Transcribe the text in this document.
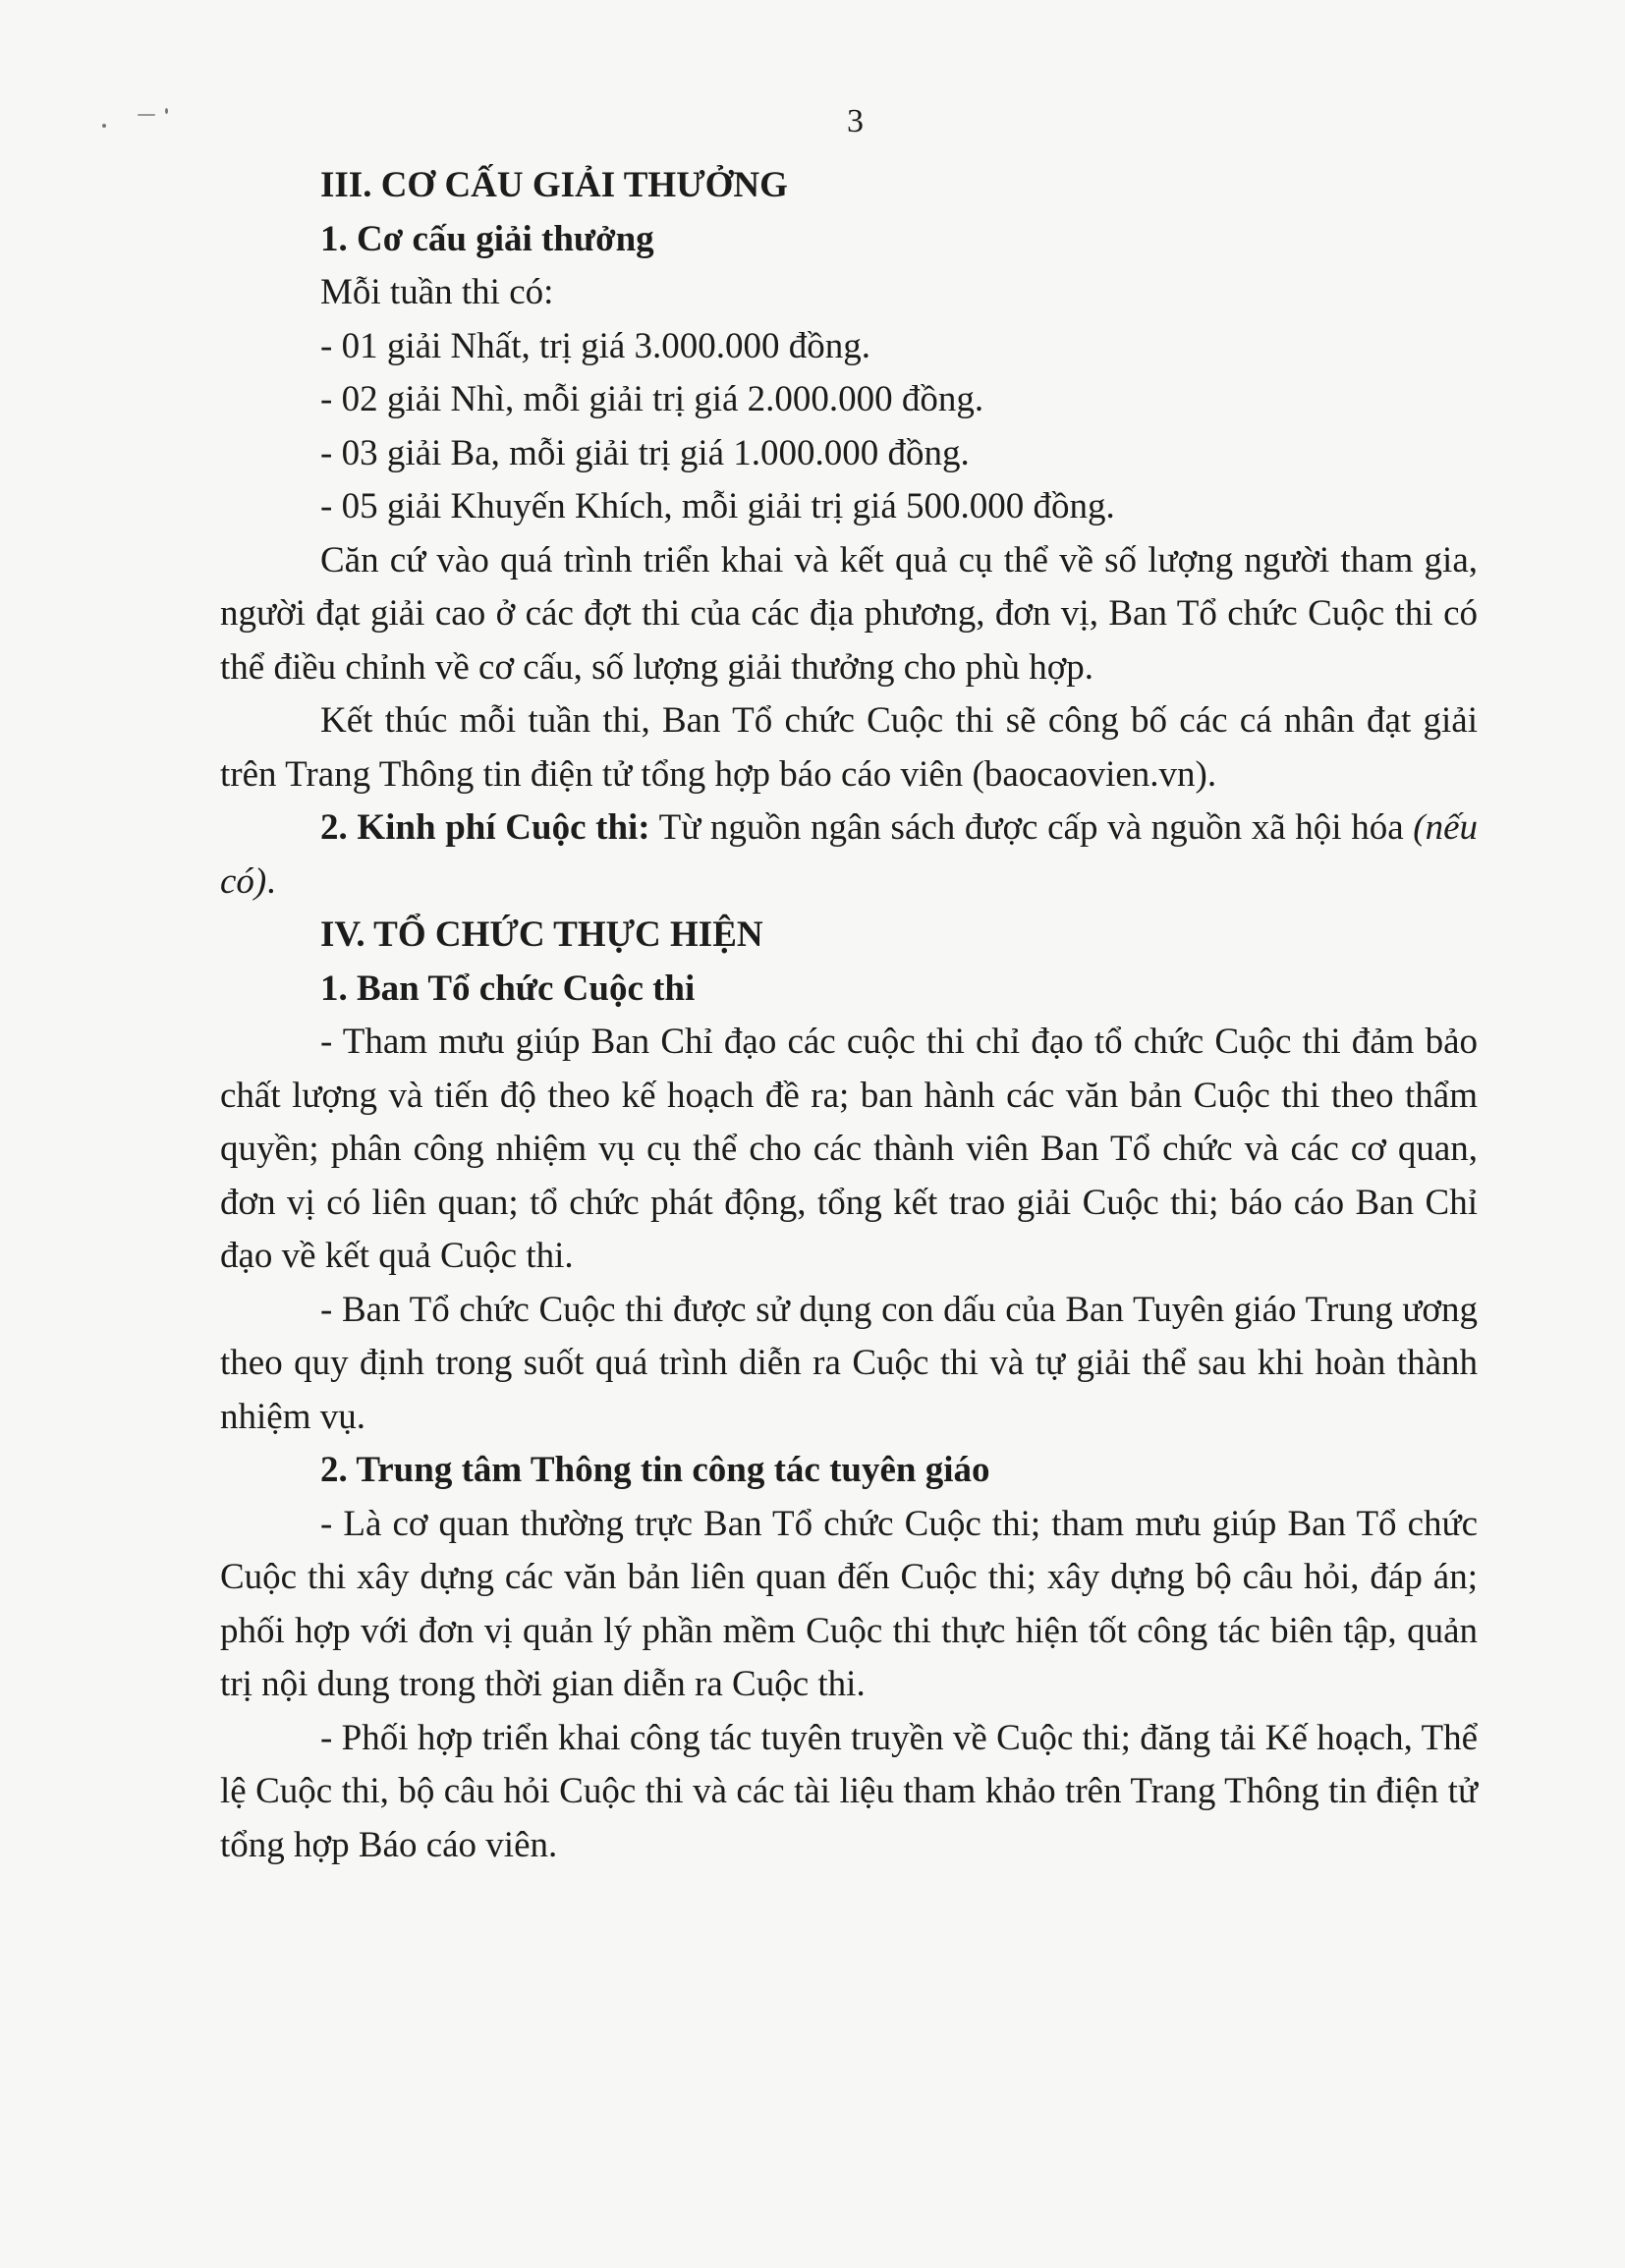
3

III. CƠ CẤU GIẢI THƯỞNG

1. Cơ cấu giải thưởng

Mỗi tuần thi có:

- 01 giải Nhất, trị giá 3.000.000 đồng.

- 02 giải Nhì, mỗi giải trị giá 2.000.000 đồng.

- 03 giải Ba, mỗi giải trị giá 1.000.000 đồng.

- 05 giải Khuyến Khích, mỗi giải trị giá 500.000 đồng.

Căn cứ vào quá trình triển khai và kết quả cụ thể về số lượng người tham gia, người đạt giải cao ở các đợt thi của các địa phương, đơn vị, Ban Tổ chức Cuộc thi có thể điều chỉnh về cơ cấu, số lượng giải thưởng cho phù hợp.

Kết thúc mỗi tuần thi, Ban Tổ chức Cuộc thi sẽ công bố các cá nhân đạt giải trên Trang Thông tin điện tử tổng hợp báo cáo viên (baocaovien.vn).

2. Kinh phí Cuộc thi: Từ nguồn ngân sách được cấp và nguồn xã hội hóa (nếu có).

IV. TỔ CHỨC THỰC HIỆN

1. Ban Tổ chức Cuộc thi

- Tham mưu giúp Ban Chỉ đạo các cuộc thi chỉ đạo tổ chức Cuộc thi đảm bảo chất lượng và tiến độ theo kế hoạch đề ra; ban hành các văn bản Cuộc thi theo thẩm quyền; phân công nhiệm vụ cụ thể cho các thành viên Ban Tổ chức và các cơ quan, đơn vị có liên quan; tổ chức phát động, tổng kết trao giải Cuộc thi; báo cáo Ban Chỉ đạo về kết quả Cuộc thi.

- Ban Tổ chức Cuộc thi được sử dụng con dấu của Ban Tuyên giáo Trung ương theo quy định trong suốt quá trình diễn ra Cuộc thi và tự giải thể sau khi hoàn thành nhiệm vụ.

2. Trung tâm Thông tin công tác tuyên giáo

- Là cơ quan thường trực Ban Tổ chức Cuộc thi; tham mưu giúp Ban Tổ chức Cuộc thi xây dựng các văn bản liên quan đến Cuộc thi; xây dựng bộ câu hỏi, đáp án; phối hợp với đơn vị quản lý phần mềm Cuộc thi thực hiện tốt công tác biên tập, quản trị nội dung trong thời gian diễn ra Cuộc thi.

- Phối hợp triển khai công tác tuyên truyền về Cuộc thi; đăng tải Kế hoạch, Thể lệ Cuộc thi, bộ câu hỏi Cuộc thi và các tài liệu tham khảo trên Trang Thông tin điện tử tổng hợp Báo cáo viên.
